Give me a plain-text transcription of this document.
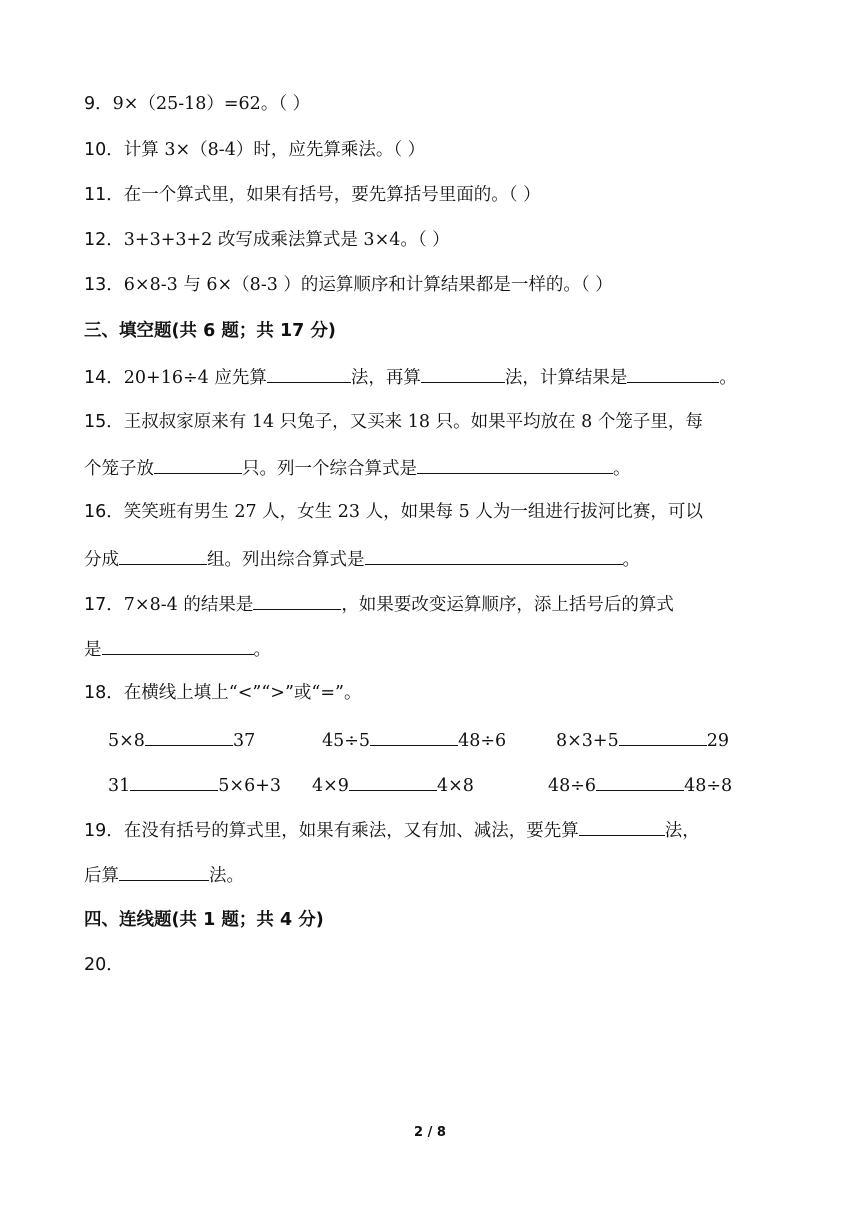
9．9×（25-18）=62。（ ）
10．计算 3×（8-4）时，应先算乘法。（ ）
11．在一个算式里，如果有括号，要先算括号里面的。（ ）
12．3+3+3+2 改写成乘法算式是 3×4。（ ）
13．6×8-3 与 6×（8-3 ）的运算顺序和计算结果都是一样的。（ ）
三、填空题(共 6 题；共 17 分)
14．20+16÷4 应先算	法，再算	法，计算结果是	。
15．王叔叔家原来有 14 只兔子，又买来 18 只。如果平均放在 8 个笼子里，每
个笼子放	只。列一个综合算式是	。
16．笑笑班有男生 27 人，女生 23 人，如果每 5 人为一组进行拔河比赛，可以
分成	组。列出综合算式是	。
17．7×8-4 的结果是	，如果要改变运算顺序，添上括号后的算式
是	。
18．在横线上填上“<”“>”或“=”。
5×8	37	45÷5	48÷6	8×3+5	29
31	5×6+3 4×9	4×8	48÷6	48÷8
19．在没有括号的算式里，如果有乘法，又有加、减法，要先算	法，
后算	法。
四、连线题(共 1 题；共 4 分)
20．
2 / 8
